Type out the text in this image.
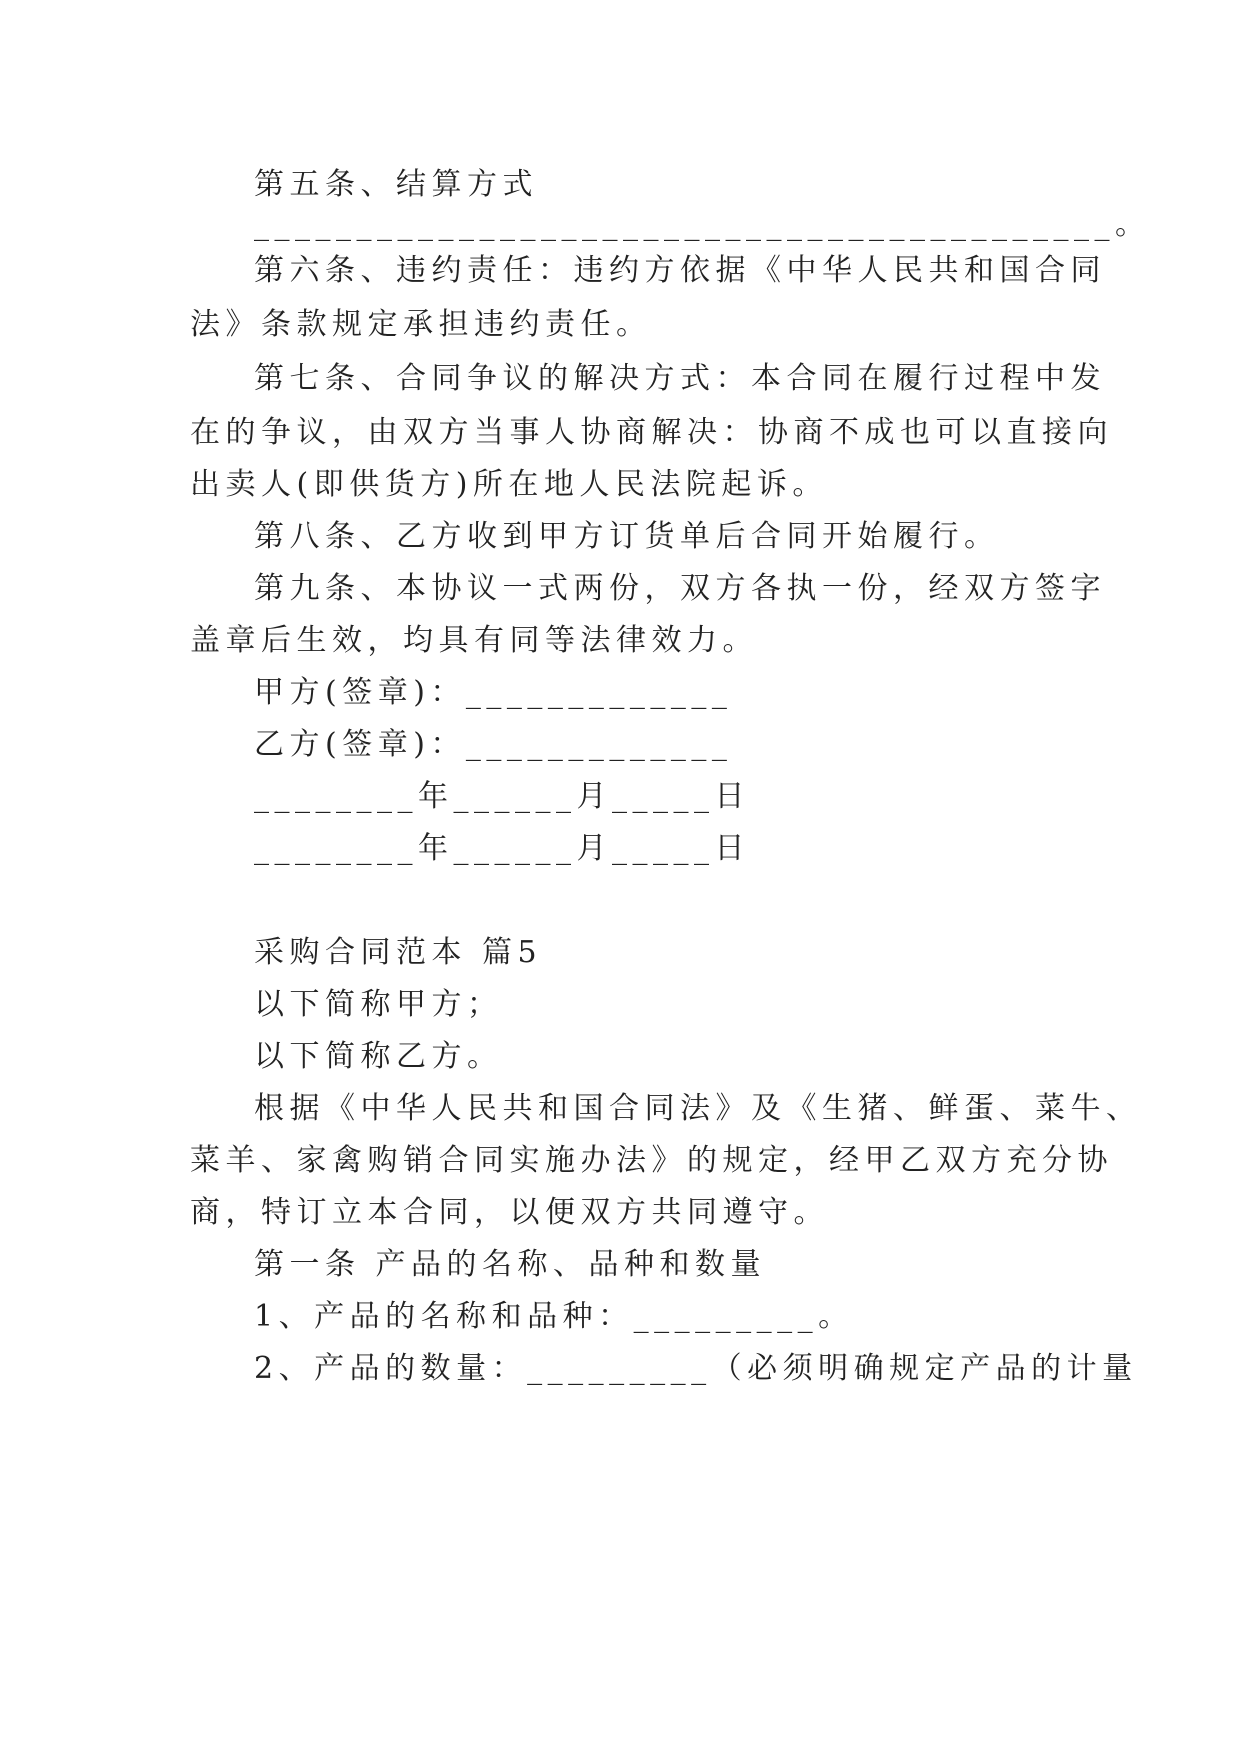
第五条、结算方式
__________________________________________。
第六条、违约责任：违约方依据《中华人民共和国合同
法》条款规定承担违约责任。
第七条、合同争议的解决方式：本合同在履行过程中发
在的争议，由双方当事人协商解决：协商不成也可以直接向
出卖人(即供货方)所在地人民法院起诉。
第八条、乙方收到甲方订货单后合同开始履行。
第九条、本协议一式两份，双方各执一份，经双方签字
盖章后生效，均具有同等法律效力。
甲方(签章)：_____________
乙方(签章)：_____________
________年______月_____日
________年______月_____日
采购合同范本 篇5
以下简称甲方；
以下简称乙方。
根据《中华人民共和国合同法》及《生猪、鲜蛋、菜牛、
菜羊、家禽购销合同实施办法》的规定，经甲乙双方充分协
商，特订立本合同，以便双方共同遵守。
第一条 产品的名称、品种和数量
1、产品的名称和品种：_________。
2、产品的数量：_________（必须明确规定产品的计量
